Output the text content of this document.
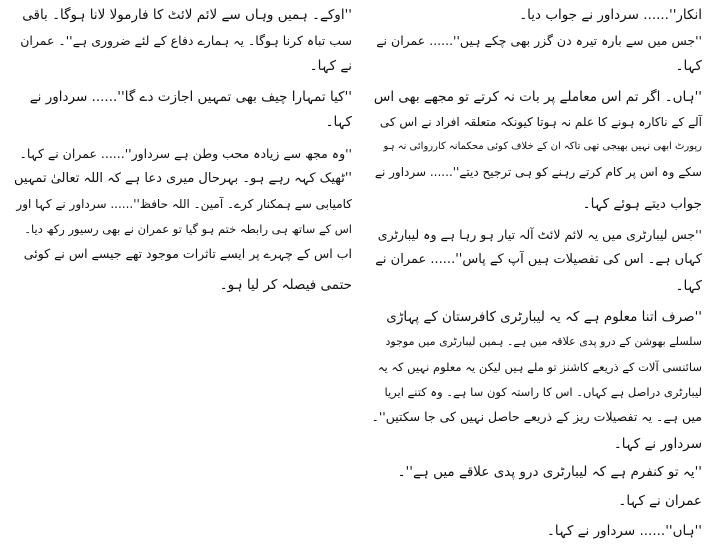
انکار''...... سرداور نے جواب دیا۔
''جس میں سے بارہ تیرہ دن گزر بھی چکے ہیں''...... عمران نے
کہا۔
''ہاں۔ اگر تم اس معاملے پر بات نہ کرتے تو مجھے بھی اس
آلے کے ناکارہ ہونے کا علم نہ ہوتا کیونکہ متعلقہ افراد نے اس کی
رپورٹ ابھی نہیں بھیجی تھی تاکہ ان کے خلاف کوئی محکمانہ کارروائی نہ ہو
سکے وہ اس پر کام کرتے رہنے کو ہی ترجیح دیتے''...... سرداور نے
جواب دیتے ہوئے کہا۔
''جس لیبارٹری میں یہ لائم لائٹ آلہ تیار ہو رہا ہے وہ لیبارٹری
کہاں ہے۔ اس کی تفصیلات ہیں آپ کے پاس''...... عمران نے
کہا۔
''صرف اتنا معلوم ہے کہ یہ لیبارٹری کافرستان کے پہاڑی
سلسلے بھوشن کے درو پدی علاقہ میں ہے۔ ہمیں لیبارٹری میں موجود
سائنسی آلات کے ذریعے کاشنز تو ملے ہیں لیکن یہ معلوم نہیں کہ یہ
لیبارٹری دراصل ہے کہاں۔ اس کا راستہ کون سا ہے۔ وہ کتنے ایریا
میں ہے۔ یہ تفصیلات ریز کے ذریعے حاصل نہیں کی جا سکتیں''۔
سرداور نے کہا۔
''یہ تو کنفرم ہے کہ لیبارٹری درو پدی علاقے میں ہے''۔
عمران نے کہا۔
''ہاں''...... سرداور نے کہا۔
''اوکے۔ ہمیں وہاں سے لائم لائٹ کا فارمولا لانا ہوگا۔ باقی
سب تباہ کرنا ہوگا۔ یہ ہمارے دفاع کے لئے ضروری ہے''۔ عمران
نے کہا۔
''کیا تمہارا چیف بھی تمہیں اجازت دے گا''...... سرداور نے
کہا۔
''وہ مجھ سے زیادہ محب وطن ہے سرداور''...... عمران نے کہا۔
''ٹھیک کہہ رہے ہو۔ بہرحال میری دعا ہے کہ اللہ تعالیٰ تمہیں
کامیابی سے ہمکنار کرے۔ آمین۔ اللہ حافظ''...... سرداور نے کہا اور
اس کے ساتھ ہی رابطہ ختم ہو گیا تو عمران نے بھی رسیور رکھ دیا۔
اب اس کے چہرے پر ایسے تاثرات موجود تھے جیسے اس نے کوئی
حتمی فیصلہ کر لیا ہو۔
